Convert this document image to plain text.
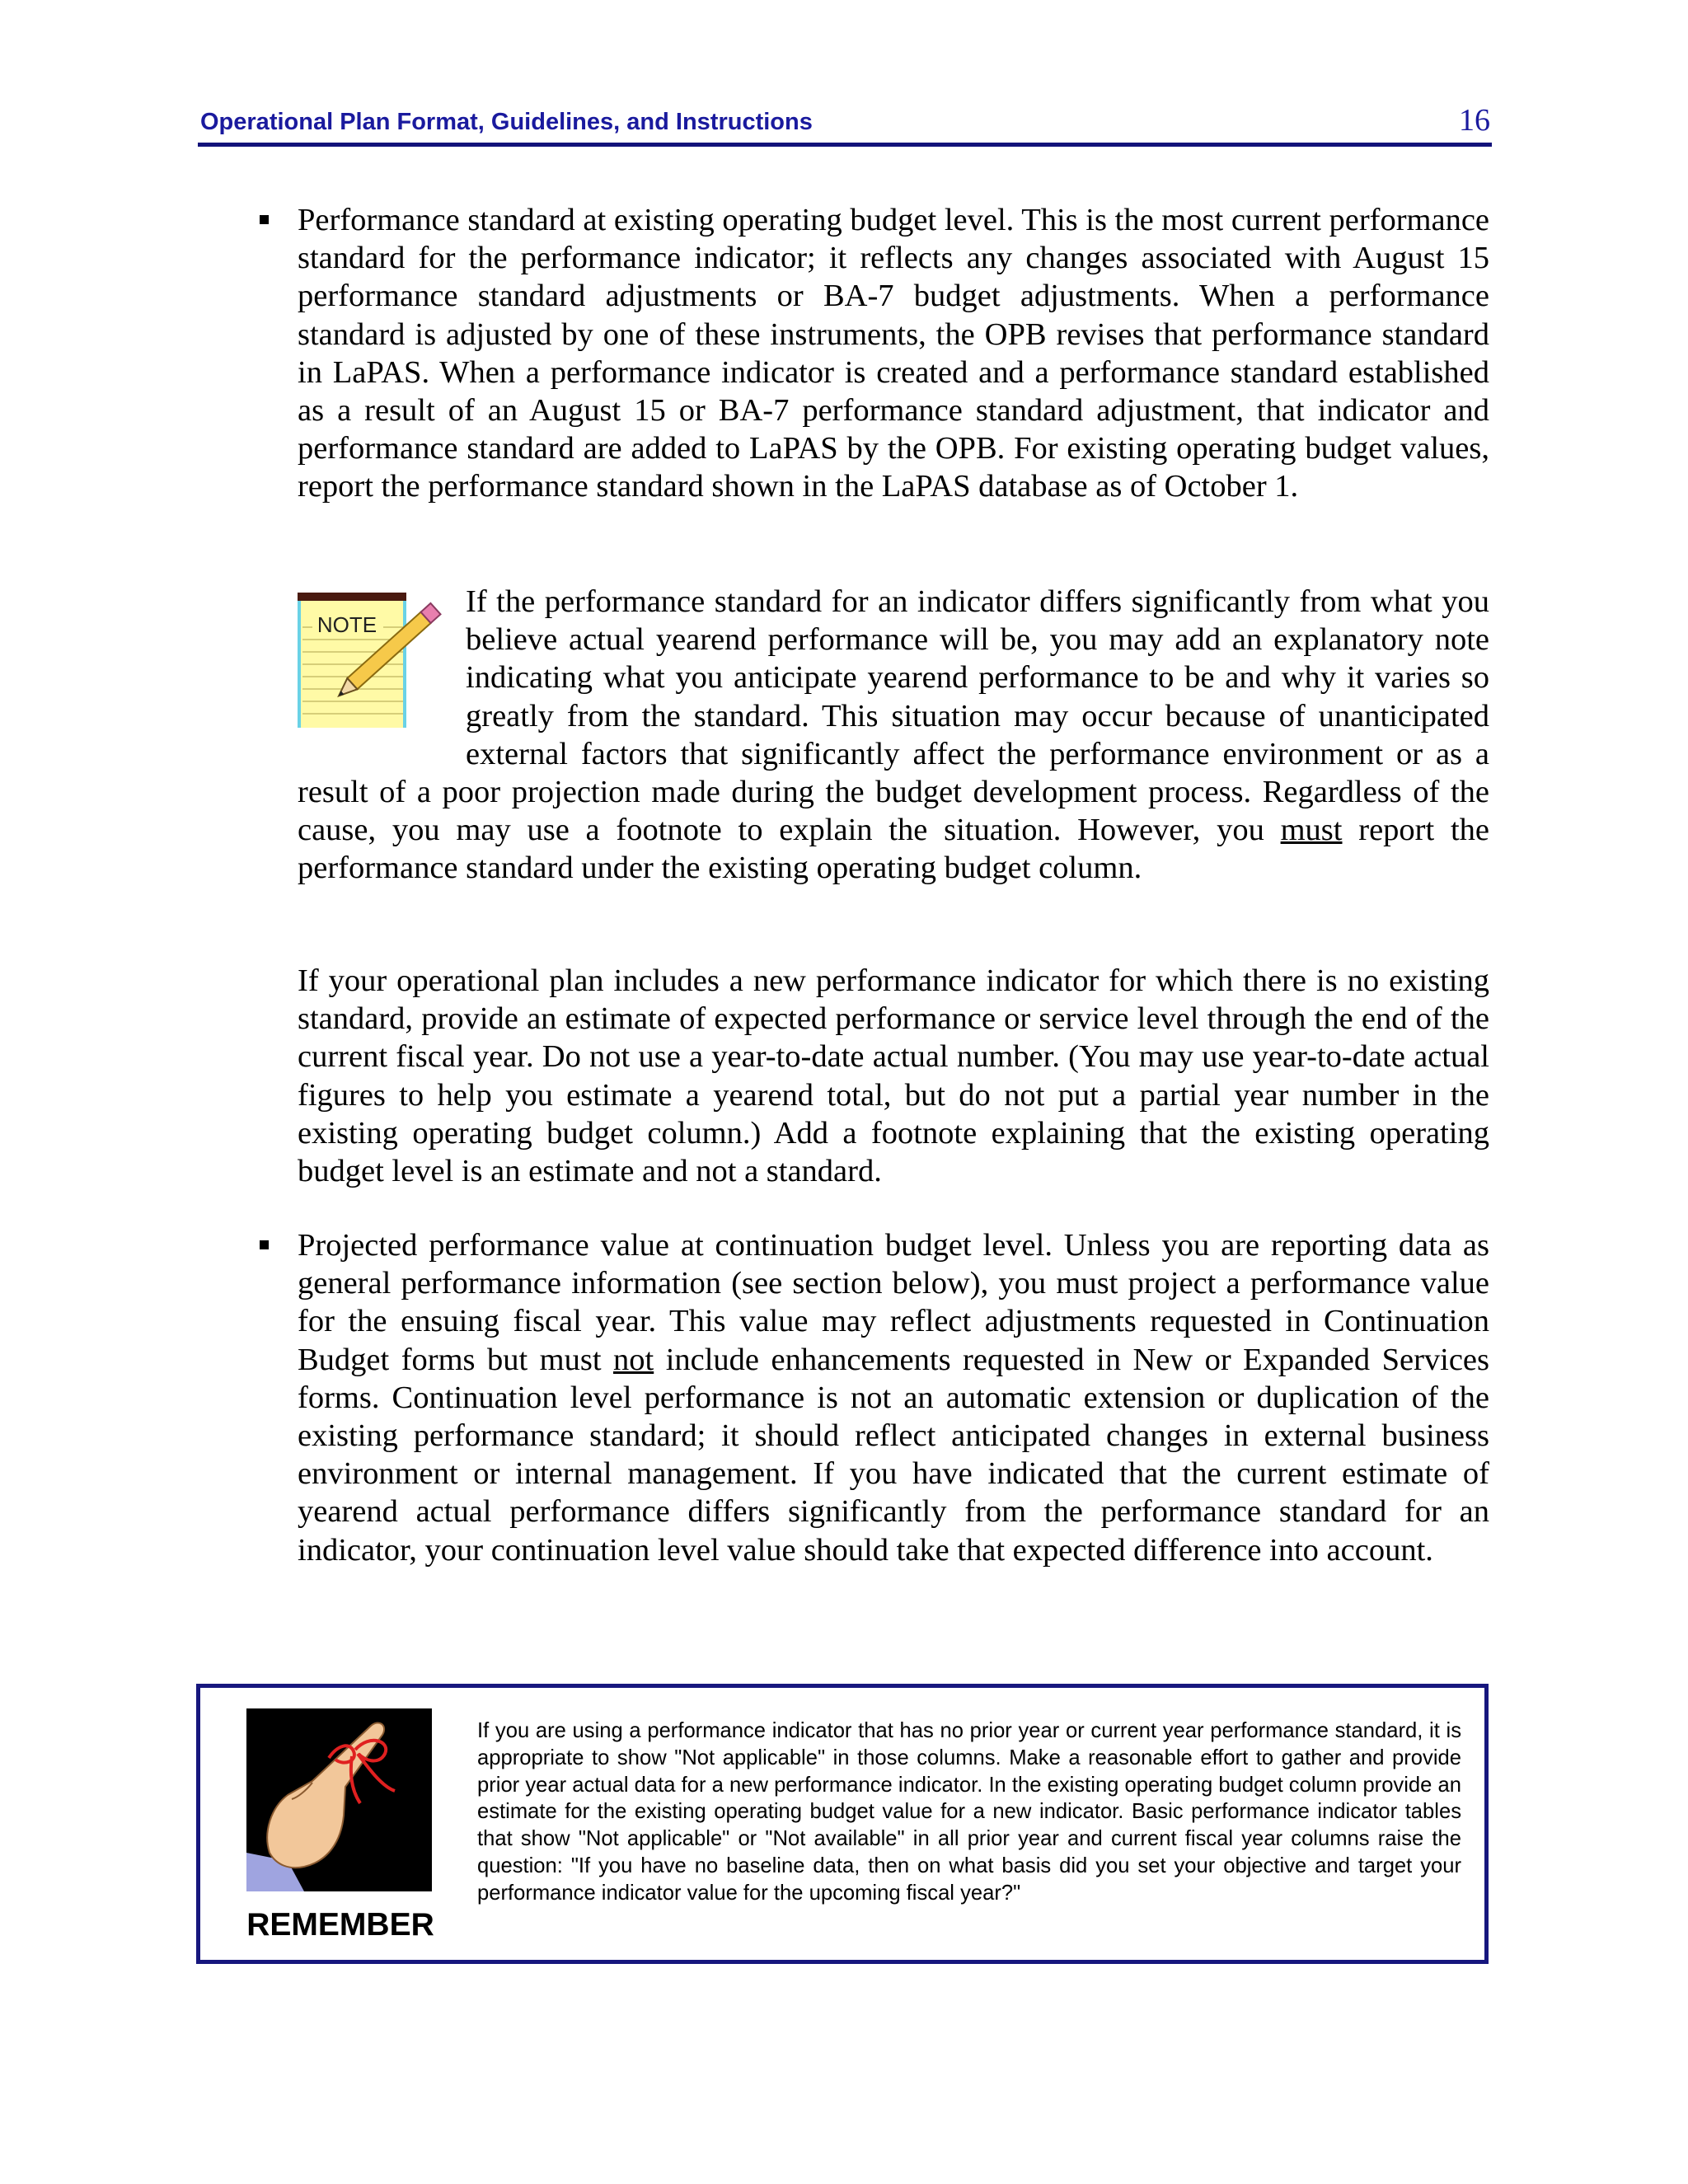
Operational Plan Format, Guidelines, and Instructions	16
Performance standard at existing operating budget level. This is the most current performance standard for the performance indicator; it reflects any changes associated with August 15 performance standard adjustments or BA-7 budget adjustments. When a performance standard is adjusted by one of these instruments, the OPB revises that performance standard in LaPAS. When a performance indicator is created and a performance standard established as a result of an August 15 or BA-7 performance standard adjustment, that indicator and performance standard are added to LaPAS by the OPB. For existing operating budget values, report the performance standard shown in the LaPAS database as of October 1.
NOTE
If the performance standard for an indicator differs significantly from what you believe actual yearend performance will be, you may add an explanatory note indicating what you anticipate yearend performance to be and why it varies so greatly from the standard. This situation may occur because of unanticipated external factors that significantly affect the performance environment or as a result of a poor projection made during the budget development process. Regardless of the cause, you may use a footnote to explain the situation. However, you must report the performance standard under the existing operating budget column.
If your operational plan includes a new performance indicator for which there is no existing standard, provide an estimate of expected performance or service level through the end of the current fiscal year. Do not use a year-to-date actual number. (You may use year-to-date actual figures to help you estimate a yearend total, but do not put a partial year number in the existing operating budget column.) Add a footnote explaining that the existing operating budget level is an estimate and not a standard.
Projected performance value at continuation budget level. Unless you are reporting data as general performance information (see section below), you must project a performance value for the ensuing fiscal year. This value may reflect adjustments requested in Continuation Budget forms but must not include enhancements requested in New or Expanded Services forms. Continuation level performance is not an automatic extension or duplication of the existing performance standard; it should reflect anticipated changes in external business environment or internal management. If you have indicated that the current estimate of yearend actual performance differs significantly from the performance standard for an indicator, your continuation level value should take that expected difference into account.
REMEMBER
If you are using a performance indicator that has no prior year or current year performance standard, it is appropriate to show "Not applicable" in those columns. Make a reasonable effort to gather and provide prior year actual data for a new performance indicator. In the existing operating budget column provide an estimate for the existing operating budget value for a new indicator. Basic performance indicator tables that show "Not applicable" or "Not available" in all prior year and current fiscal year columns raise the question: "If you have no baseline data, then on what basis did you set your objective and target your performance indicator value for the upcoming fiscal year?"
